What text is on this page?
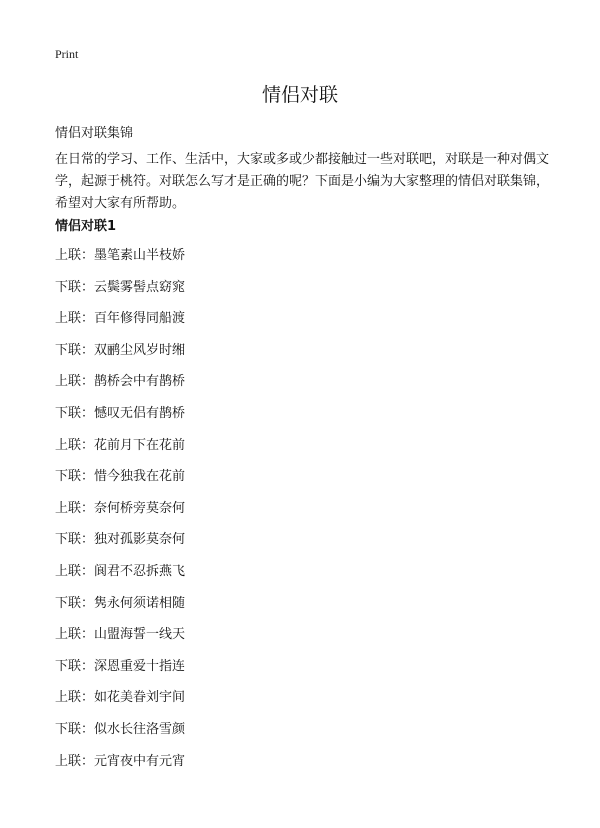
Print
情侣对联
情侣对联集锦

在日常的学习、工作、生活中，大家或多或少都接触过一些对联吧，对联是一种对偶文学，起源于桃符。对联怎么写才是正确的呢？下面是小编为大家整理的情侣对联集锦，希望对大家有所帮助。

情侣对联1
上联：墨笔素山半枝娇
下联：云鬓雾髻点窈窕
上联：百年修得同船渡
下联：双鹂尘风岁时缃
上联：鹊桥会中有鹊桥
下联：憾叹无侣有鹊桥
上联：花前月下在花前
下联：惜今独我在花前
上联：奈何桥旁莫奈何
下联：独对孤影莫奈何
上联：阆君不忍拆燕飞
下联：隽永何须诺相随
上联：山盟海誓一线天
下联：深恩重爱十指连
上联：如花美眷刘宇间
下联：似水长往洛雪颜
上联：元宵夜中有元宵
